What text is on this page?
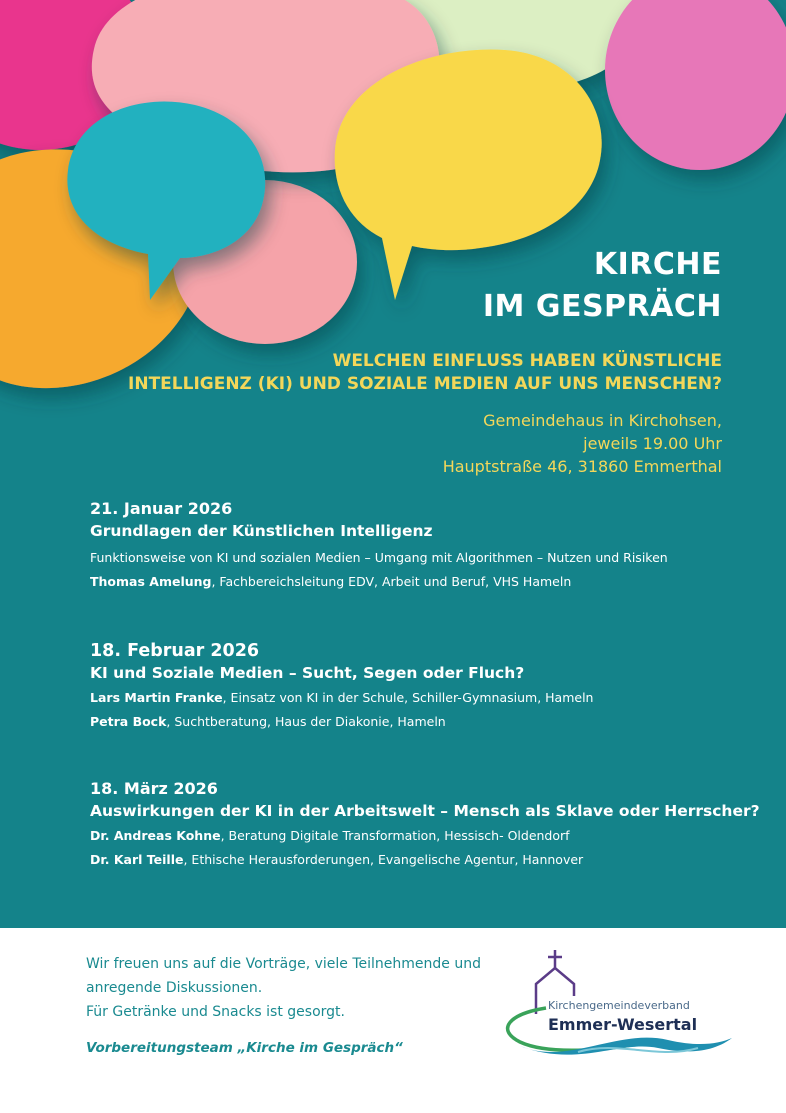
KIRCHE
IM GESPRÄCH
WELCHEN EINFLUSS HABEN KÜNSTLICHE
INTELLIGENZ (KI) UND SOZIALE MEDIEN AUF UNS MENSCHEN?
Gemeindehaus in Kirchohsen,
jeweils 19.00 Uhr
Hauptstraße 46, 31860 Emmerthal
21. Januar 2026
Grundlagen der Künstlichen Intelligenz
Funktionsweise von KI und sozialen Medien – Umgang mit Algorithmen – Nutzen und Risiken
Thomas Amelung, Fachbereichsleitung EDV, Arbeit und Beruf, VHS Hameln
18. Februar 2026
KI und Soziale Medien – Sucht, Segen oder Fluch?
Lars Martin Franke, Einsatz von KI in der Schule, Schiller-Gymnasium, Hameln
Petra Bock, Suchtberatung, Haus der Diakonie, Hameln
18. März 2026
Auswirkungen der KI in der Arbeitswelt – Mensch als Sklave oder Herrscher?
Dr. Andreas Kohne, Beratung Digitale Transformation, Hessisch- Oldendorf
Dr. Karl Teille, Ethische Herausforderungen, Evangelische Agentur, Hannover
Wir freuen uns auf die Vorträge, viele Teilnehmende und
anregende Diskussionen.
Für Getränke und Snacks ist gesorgt.
Vorbereitungsteam „Kirche im Gespräch“
Kirchengemeindeverband
Emmer-Wesertal
